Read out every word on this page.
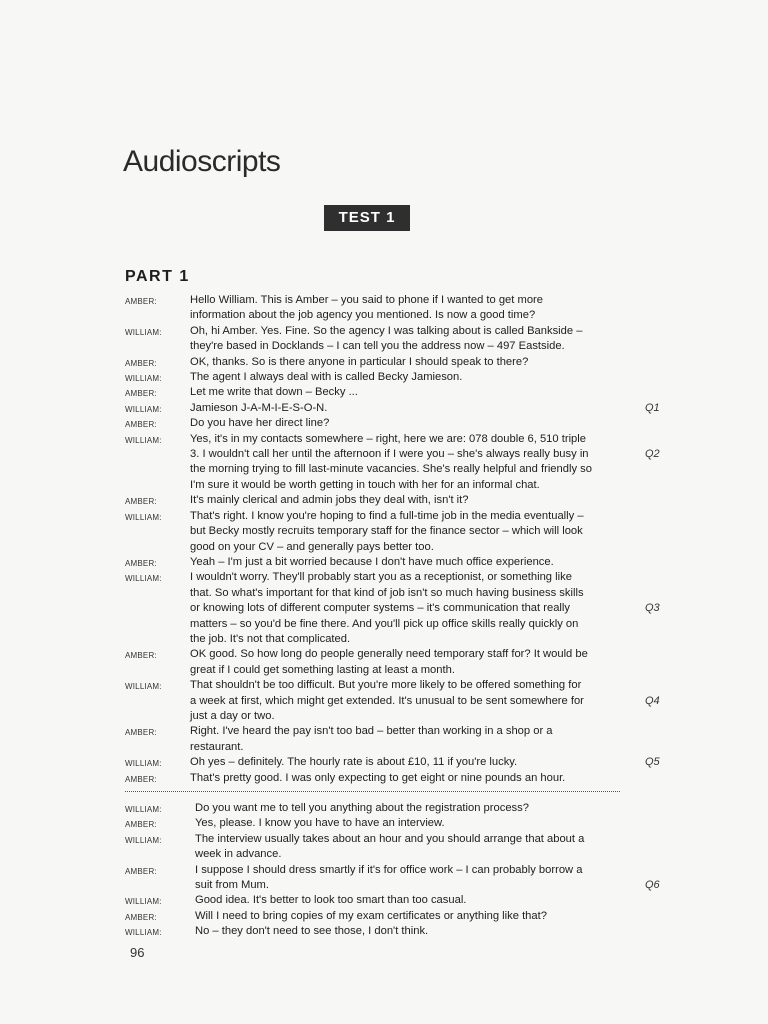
Audioscripts
TEST 1
PART 1
AMBER:	Hello William. This is Amber – you said to phone if I wanted to get more
information about the job agency you mentioned. Is now a good time?
WILLIAM:	Oh, hi Amber. Yes. Fine. So the agency I was talking about is called Bankside –
they're based in Docklands – I can tell you the address now – 497 Eastside.
AMBER:	OK, thanks. So is there anyone in particular I should speak to there?
WILLIAM:	The agent I always deal with is called Becky Jamieson.
AMBER:	Let me write that down – Becky ...
WILLIAM:	Jamieson J-A-M-I-E-S-O-N.	Q1
AMBER:	Do you have her direct line?
WILLIAM:	Yes, it's in my contacts somewhere – right, here we are: 078 double 6, 510 triple
3. I wouldn't call her until the afternoon if I were you – she's always really busy in
the morning trying to fill last-minute vacancies. She's really helpful and friendly so
I'm sure it would be worth getting in touch with her for an informal chat.
Q2
AMBER:	It's mainly clerical and admin jobs they deal with, isn't it?
WILLIAM:	That's right. I know you're hoping to find a full-time job in the media eventually –
but Becky mostly recruits temporary staff for the finance sector – which will look
good on your CV – and generally pays better too.
AMBER:	Yeah – I'm just a bit worried because I don't have much office experience.
WILLIAM:	I wouldn't worry. They'll probably start you as a receptionist, or something like
that. So what's important for that kind of job isn't so much having business skills
or knowing lots of different computer systems – it's communication that really
matters – so you'd be fine there. And you'll pick up office skills really quickly on
the job. It's not that complicated.
Q3
AMBER:	OK good. So how long do people generally need temporary staff for? It would be
great if I could get something lasting at least a month.
WILLIAM:	That shouldn't be too difficult. But you're more likely to be offered something for
a week at first, which might get extended. It's unusual to be sent somewhere for
just a day or two.
Q4
AMBER:	Right. I've heard the pay isn't too bad – better than working in a shop or a
restaurant.
WILLIAM:	Oh yes – definitely. The hourly rate is about £10, 11 if you're lucky.	Q5
AMBER:	That's pretty good. I was only expecting to get eight or nine pounds an hour.
WILLIAM:	Do you want me to tell you anything about the registration process?
AMBER:	Yes, please. I know you have to have an interview.
WILLIAM:	The interview usually takes about an hour and you should arrange that about a
week in advance.
AMBER:	I suppose I should dress smartly if it's for office work – I can probably borrow a
suit from Mum.	Q6
WILLIAM:	Good idea. It's better to look too smart than too casual.
AMBER:	Will I need to bring copies of my exam certificates or anything like that?
WILLIAM:	No – they don't need to see those, I don't think.
96
